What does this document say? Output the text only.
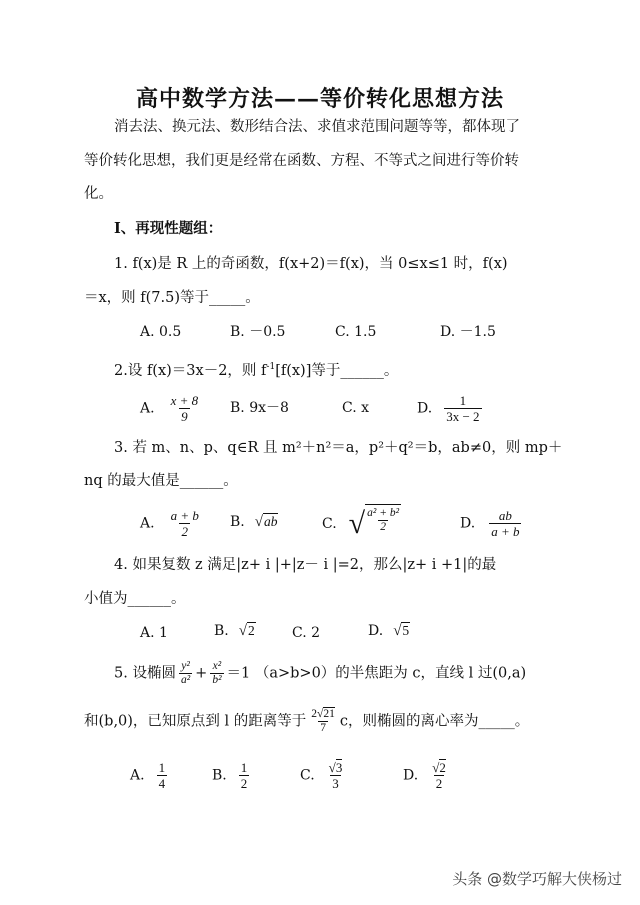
高中数学方法——等价转化思想方法
消去法、换元法、数形结合法、求值求范围问题等等，都体现了
等价转化思想，我们更是经常在函数、方程、不等式之间进行等价转
化。
Ⅰ、再现性题组：
1. f(x)是 R 上的奇函数，f(x+2)＝f(x)，当 0≤x≤1 时，f(x)
＝x，则 f(7.5)等于_____。
A. 0.5	B. －0.5	C. 1.5	D. －1.5
2.设 f(x)＝3x－2，则 $f^{-1}[f(x)]$等于______。
A. $\frac{x + 8}{9} B$. 9x－8	C. x	D. $\frac{1}{3x - 2}$
3. 若 m、n、p、q∈R 且 m²＋n²＝a，p²＋q²＝b，ab≠0，则 mp＋
nq 的最大值是______。
A. $\frac{a + b}{2} B$. √ ab	C. √ $\frac{\text{a² + b²}}{2}$	D. $\frac{ab}{a + b}$
4. 如果复数 z 满足|z+ i |+|z－ i |=2，那么|z+ i +1|的最
小值为______。
A. 1	B. √ 2	C. 2	D. √ 5
5. 设椭圆 $\frac{\text{y²}}{\text{a²}} + \frac{\text{x²}}{\text{b²}} =1$ （a>b>0）的半焦距为 c，直线 l 过(0,a)
和(b,0)，已知原点到 l 的距离等于 $\frac{2√21}{7}$ c，则椭圆的离心率为_____。
A. $\frac{1}{4}$	B. $\frac{1}{2}$	C. $\frac{√3}{3}$	D. $\frac{√2}{2}$
头条 @数学巧解大侠杨过
